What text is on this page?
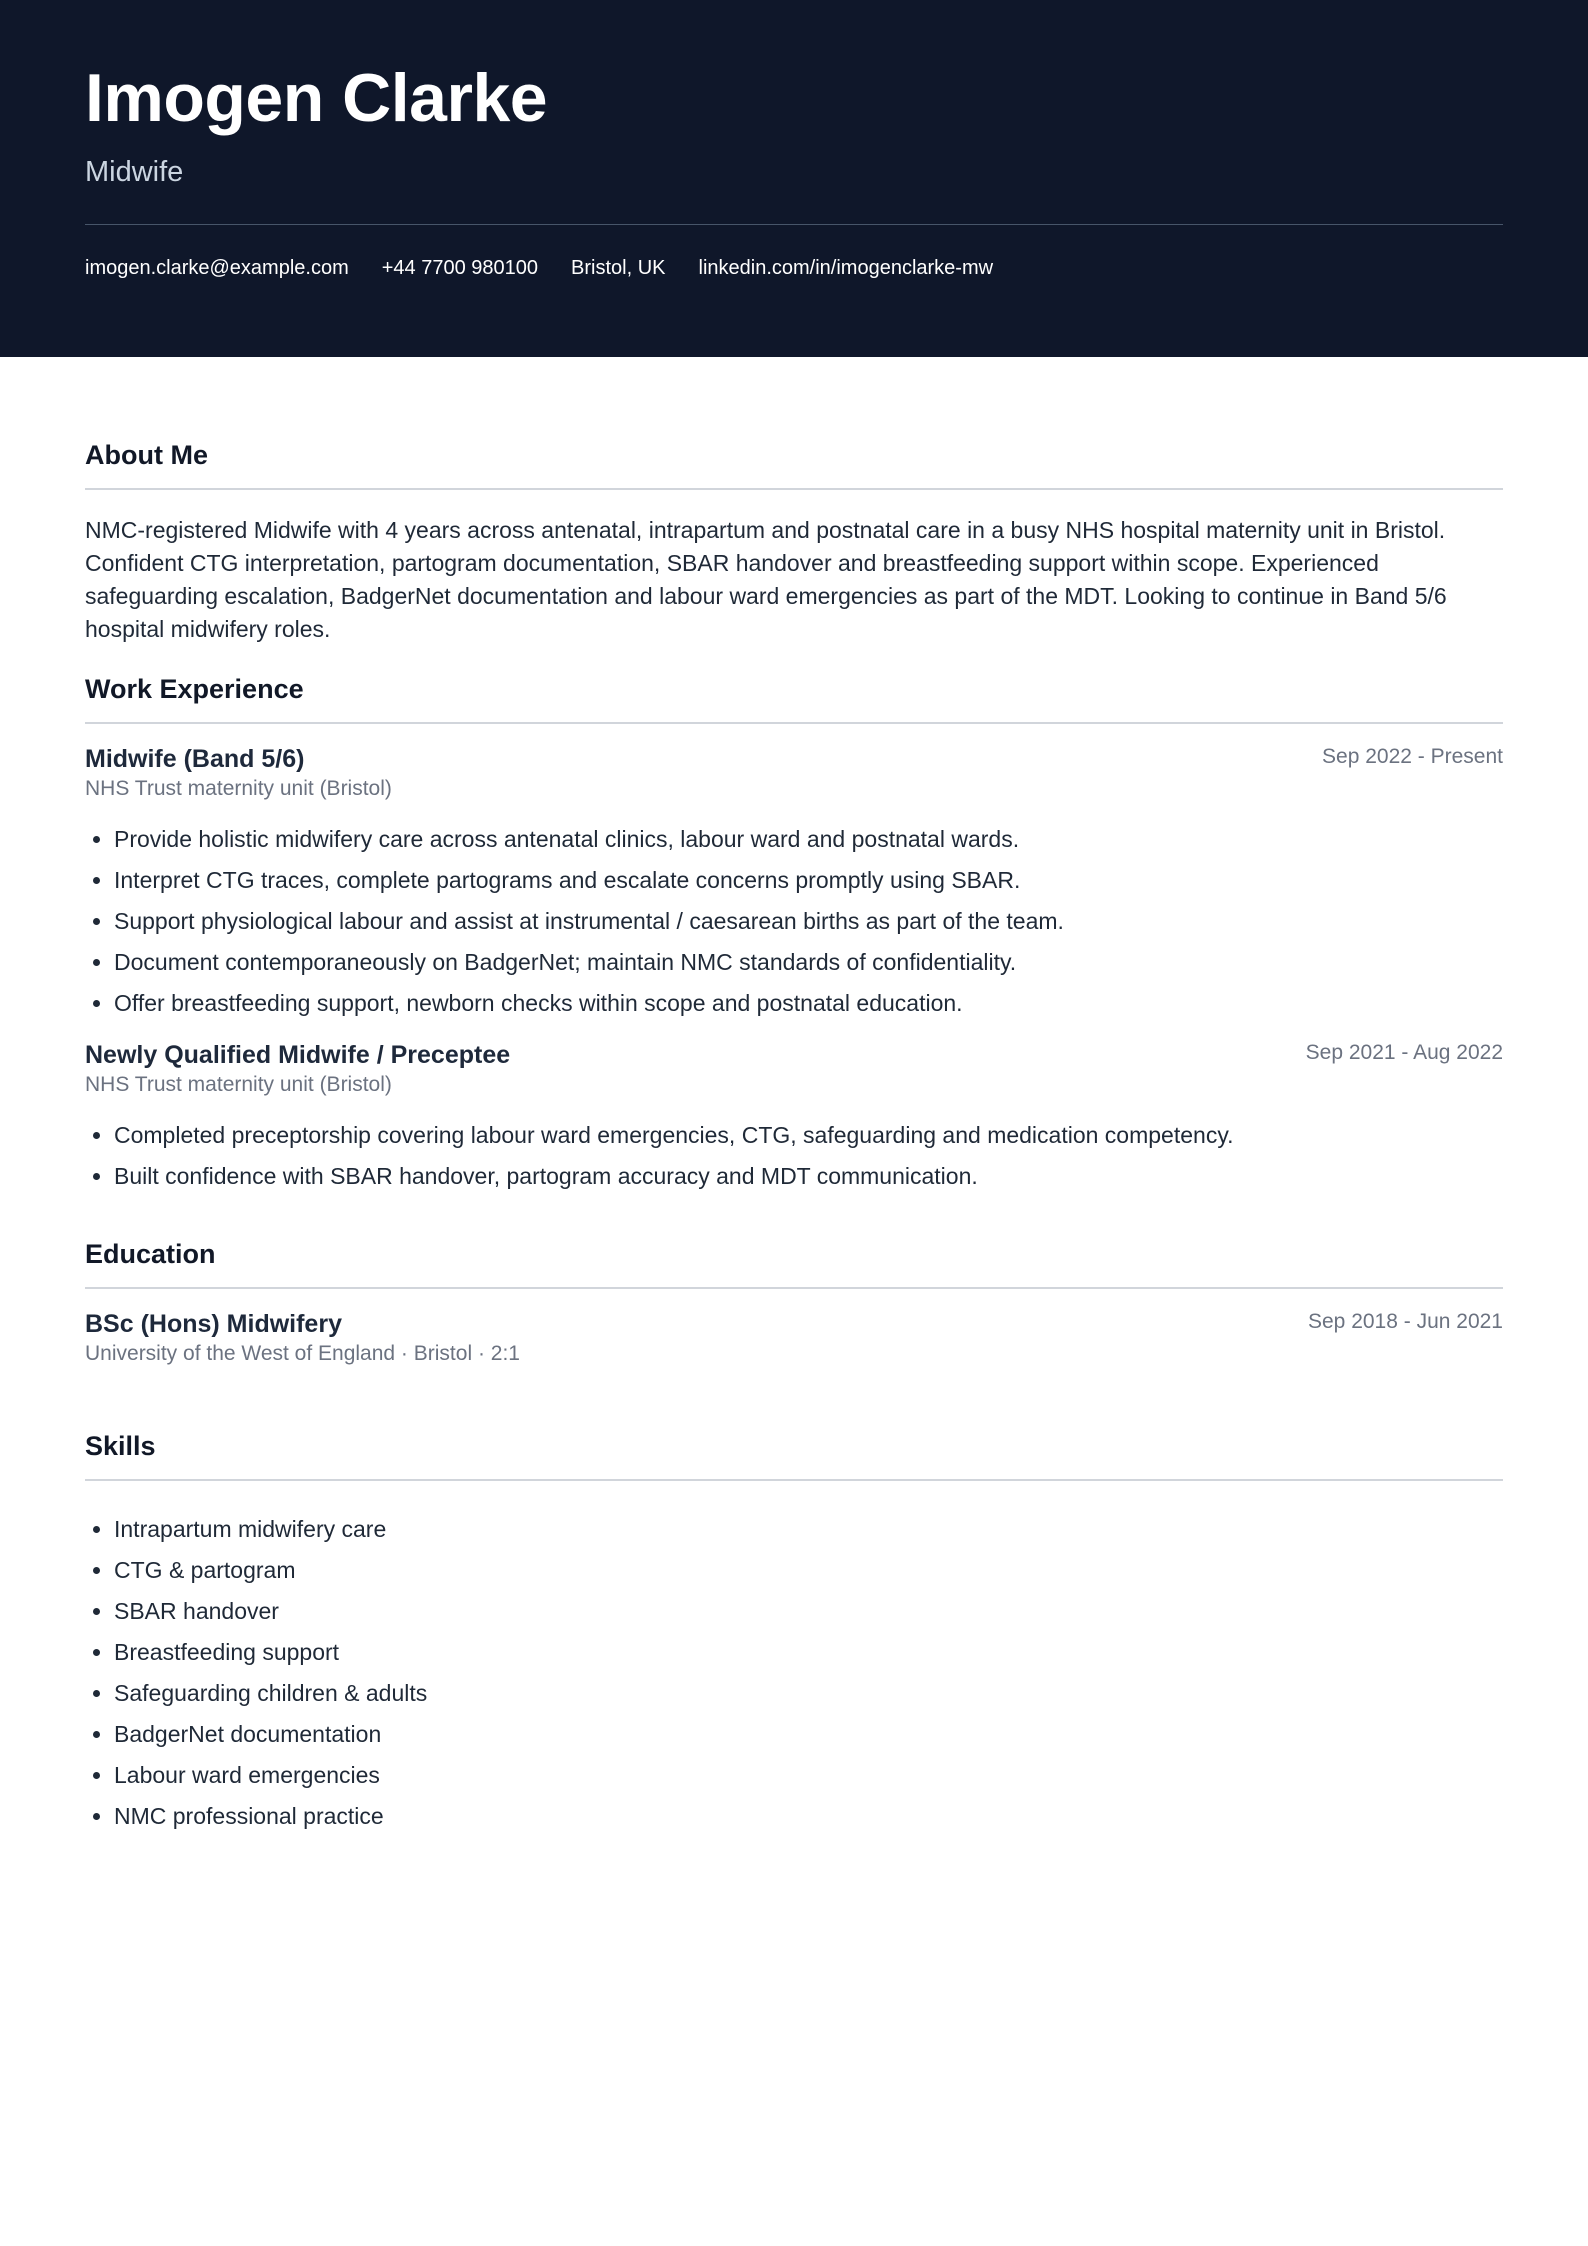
Imogen Clarke
Midwife
imogen.clarke@example.com +44 7700 980100 Bristol, UK linkedin.com/in/imogenclarke-mw
About Me

NMC-registered Midwife with 4 years across antenatal, intrapartum and postnatal care in a busy NHS hospital maternity unit in Bristol. Confident CTG interpretation, partogram documentation, SBAR handover and breastfeeding support within scope. Experienced safeguarding escalation, BadgerNet documentation and labour ward emergencies as part of the MDT. Looking to continue in Band 5/6 hospital midwifery roles.

Work Experience
Midwife (Band 5/6)	Sep 2022 - Present
NHS Trust maternity unit (Bristol)
• Provide holistic midwifery care across antenatal clinics, labour ward and postnatal wards.
• Interpret CTG traces, complete partograms and escalate concerns promptly using SBAR.
• Support physiological labour and assist at instrumental / caesarean births as part of the team.
• Document contemporaneously on BadgerNet; maintain NMC standards of confidentiality.
• Offer breastfeeding support, newborn checks within scope and postnatal education.
Newly Qualified Midwife / Preceptee	Sep 2021 - Aug 2022
NHS Trust maternity unit (Bristol)
• Completed preceptorship covering labour ward emergencies, CTG, safeguarding and medication competency.
• Built confidence with SBAR handover, partogram accuracy and MDT communication.
Education
BSc (Hons) Midwifery	Sep 2018 - Jun 2021
University of the West of England · Bristol · 2:1
Skills
• Intrapartum midwifery care
• CTG & partogram
• SBAR handover
• Breastfeeding support
• Safeguarding children & adults
• BadgerNet documentation
• Labour ward emergencies
• NMC professional practice
